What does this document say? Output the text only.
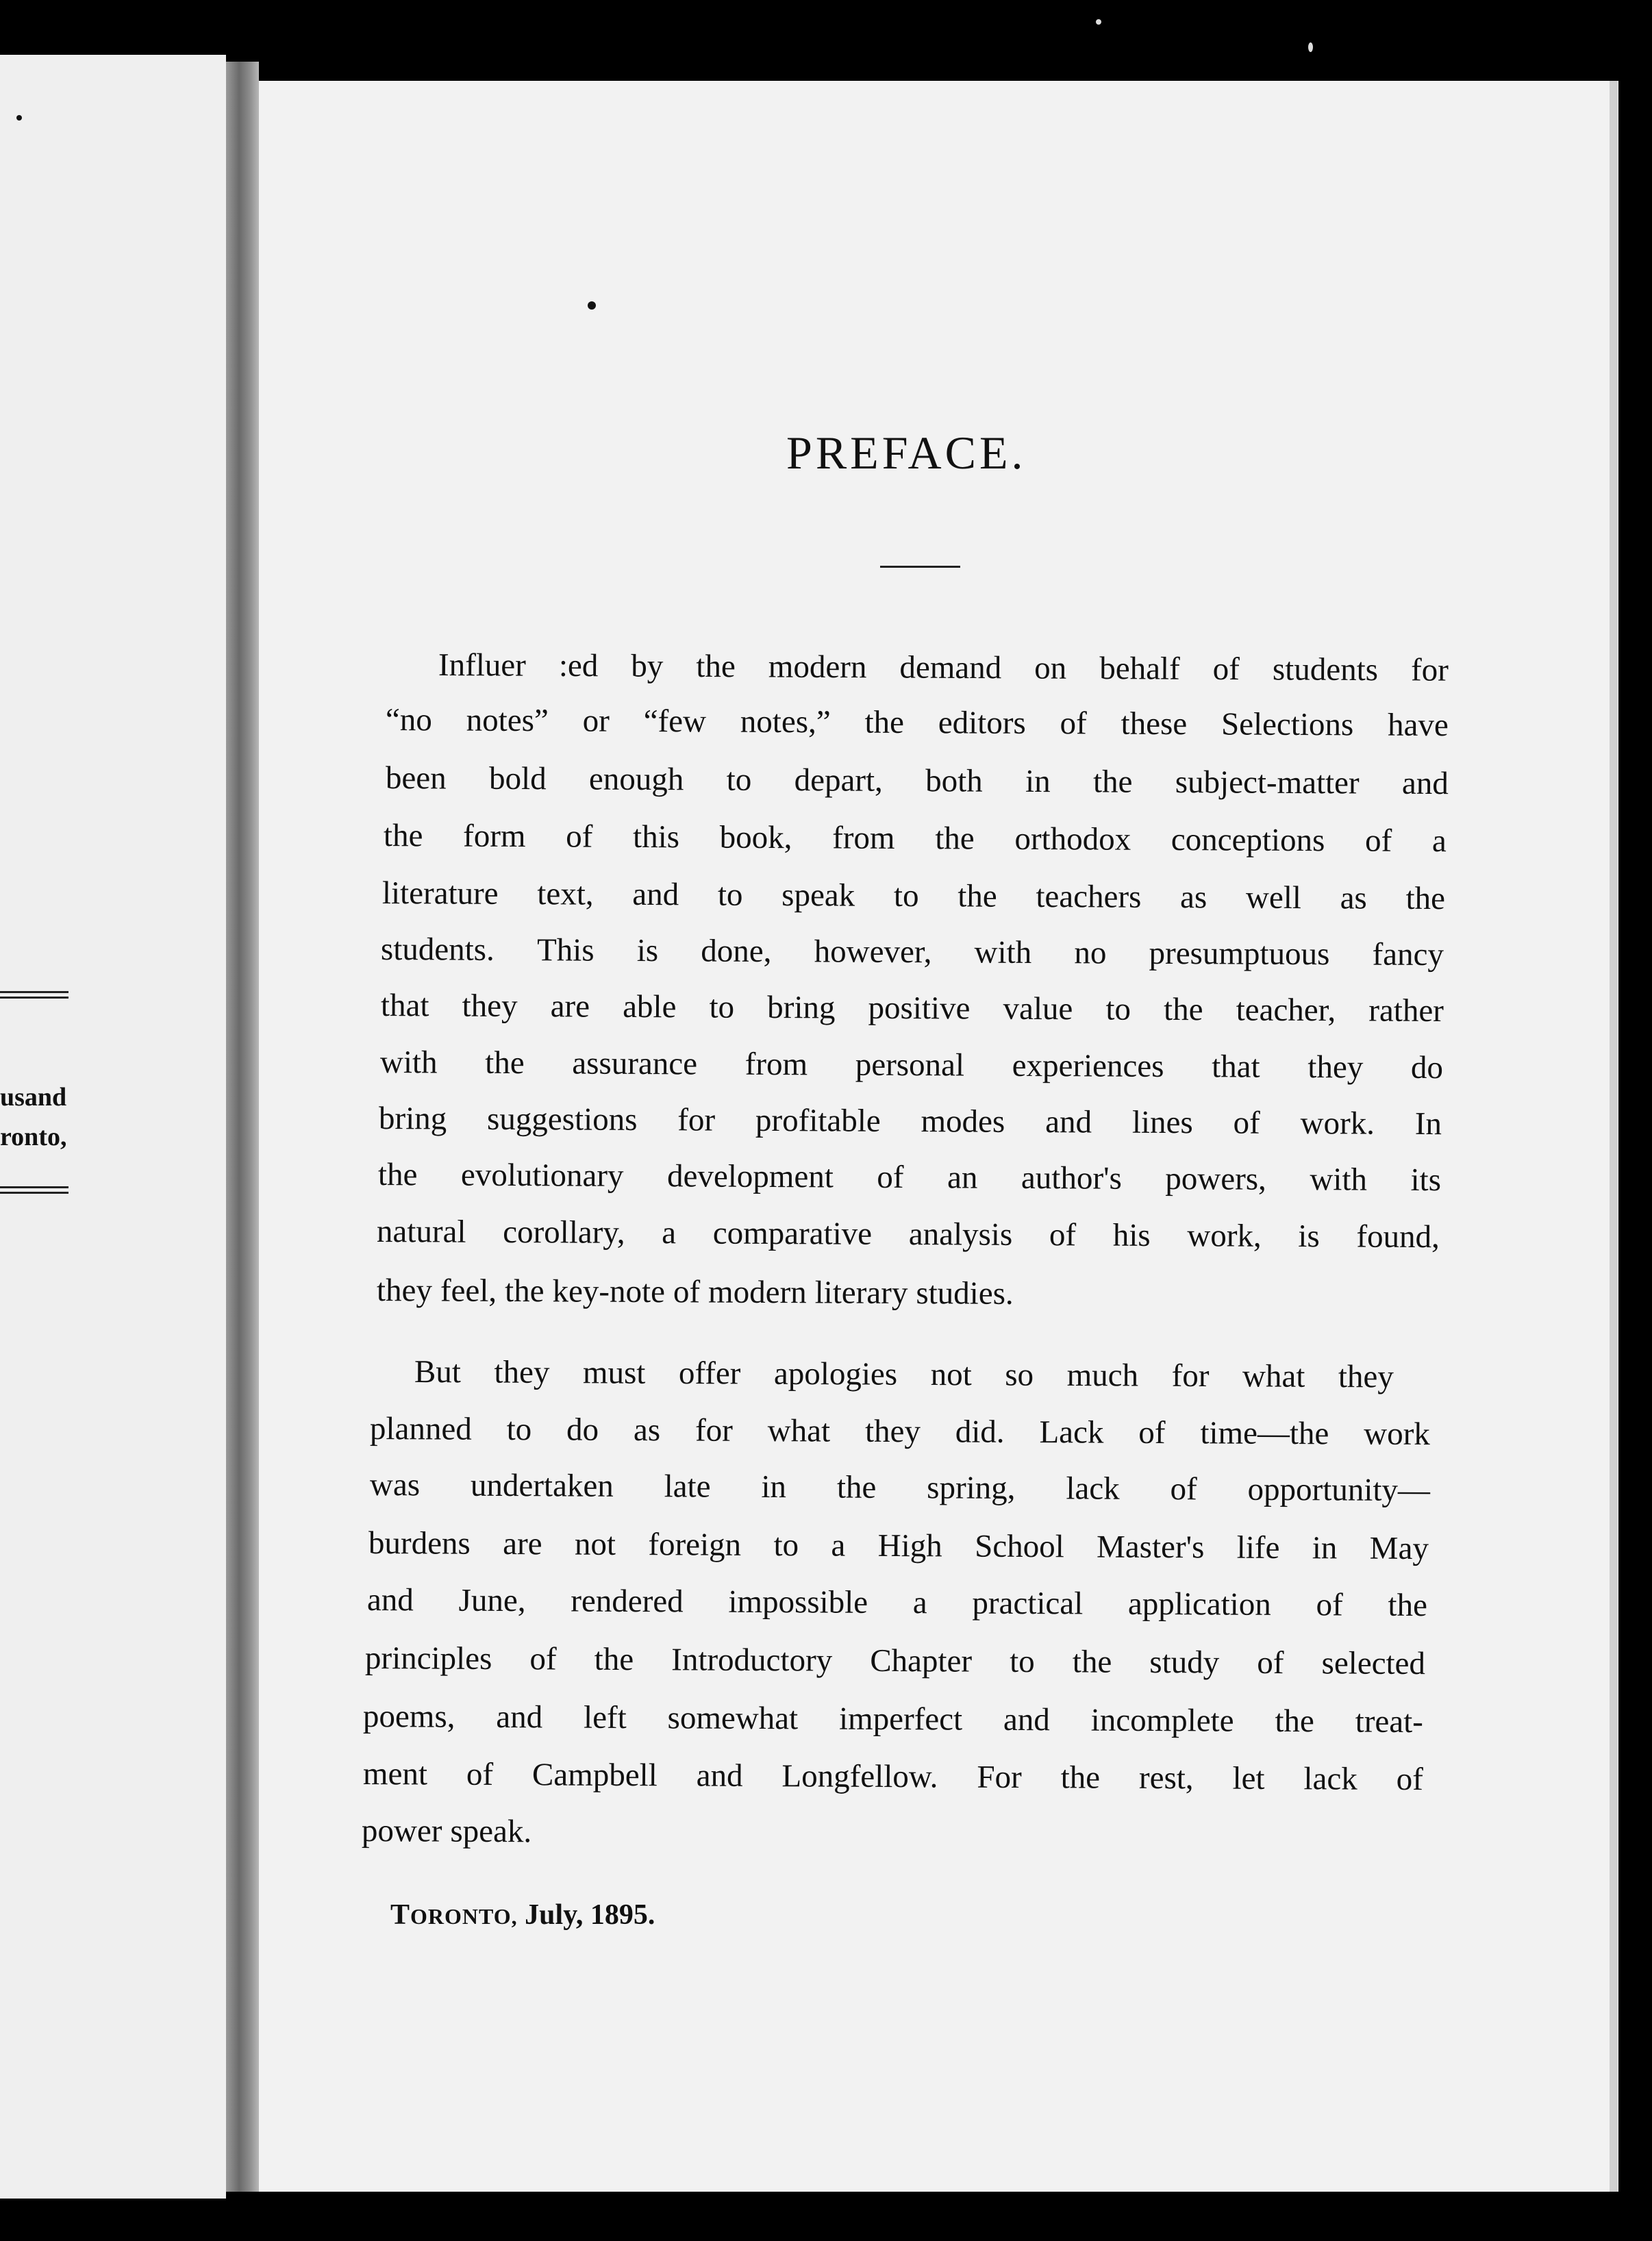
usand
ronto,
PREFACE.
Influer :ed by the modern demand on behalf of students for
“no notes” or “few notes,” the editors of these Selections have
been bold enough to depart, both in the subject-matter and
the form of this book, from the orthodox conceptions of a
literature text, and to speak to the teachers as well as the
students. This is done, however, with no presumptuous fancy
that they are able to bring positive value to the teacher, rather
with the assurance from personal experiences that they do
bring suggestions for profitable modes and lines of work. In
the evolutionary development of an author's powers, with its
natural corollary, a comparative analysis of his work, is found,
they feel, the key-note of modern literary studies.
But they must offer apologies not so much for what they
planned to do as for what they did. Lack of time—the work
was undertaken late in the spring, lack of opportunity—
burdens are not foreign to a High School Master's life in May
and June, rendered impossible a practical application of the
principles of the Introductory Chapter to the study of selected
poems, and left somewhat imperfect and incomplete the treat-
ment of Campbell and Longfellow. For the rest, let lack of
power speak.
TORONTO, July, 1895.
